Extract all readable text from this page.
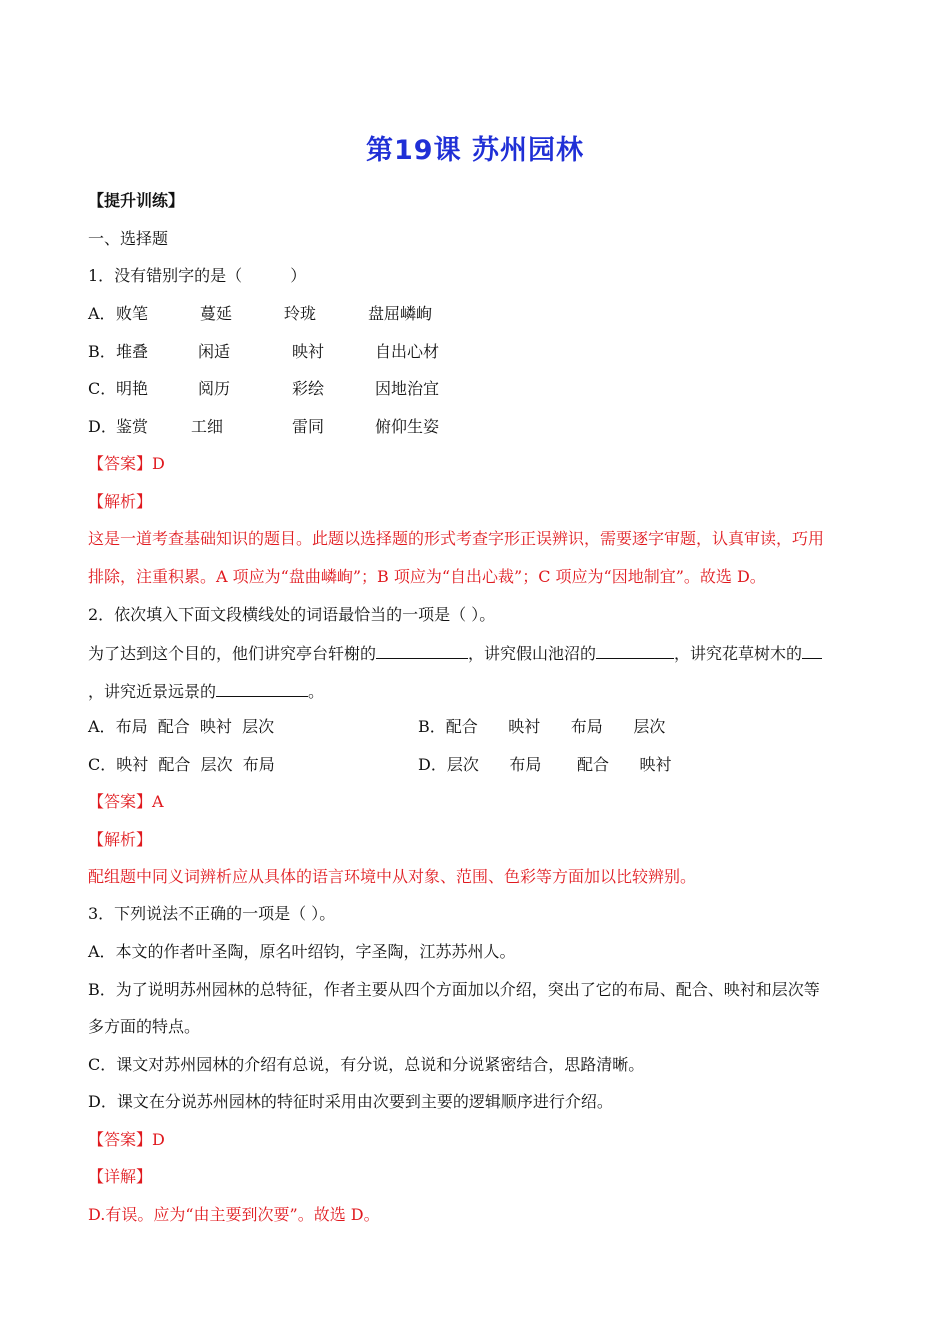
第19课 苏州园林
【提升训练】
一、选择题
1．没有错别字的是（	）
A． 败笔	蔓延	玲珑	盘屈嶙峋
B． 堆叠	闲适	映衬	自出心材
C． 明艳	阅历	彩绘	因地治宜
D． 鉴赏	工细	雷同	俯仰生姿
【答案】D
【解析】
这是一道考查基础知识的题目。此题以选择题的形式考查字形正误辨识，需要逐字审题，认真审读，巧用
排除，注重积累。A 项应为“盘曲嶙峋”；B 项应为“自出心裁”；C 项应为“因地制宜”。故选 D。
2．依次填入下面文段横线处的词语最恰当的一项是（ ）。
为了达到这个目的，他们讲究亭台轩榭的	，讲究假山池沼的	，讲究花草树木的
，讲究近景远景的	。
A．布局  配合  映衬  层次	B．配合      映衬      布局      层次
C．映衬  配合  层次  布局	D．层次      布局       配合      映衬
【答案】A
【解析】
配组题中同义词辨析应从具体的语言环境中从对象、范围、色彩等方面加以比较辨别。
3．下列说法不正确的一项是（ ）。
A．本文的作者叶圣陶，原名叶绍钧，字圣陶，江苏苏州人。
B．为了说明苏州园林的总特征，作者主要从四个方面加以介绍，突出了它的布局、配合、映衬和层次等
多方面的特点。
C．课文对苏州园林的介绍有总说，有分说，总说和分说紧密结合，思路清晰。
D．课文在分说苏州园林的特征时采用由次要到主要的逻辑顺序进行介绍。
【答案】D
【详解】
D.有误。应为“由主要到次要”。故选 D。
